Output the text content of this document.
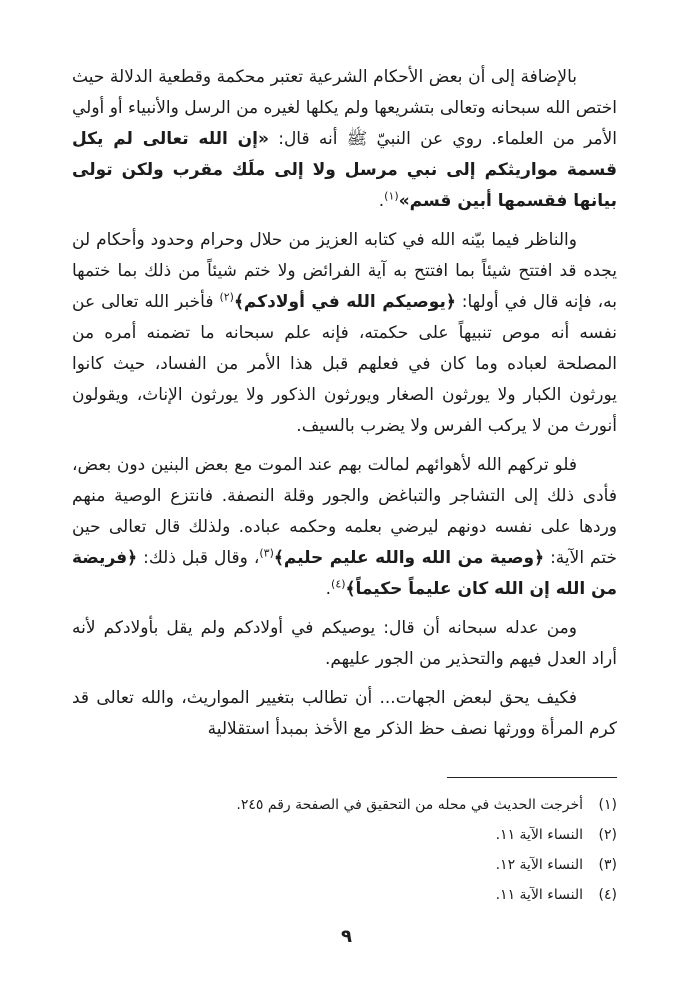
بالإضافة إلى أن بعض الأحكام الشرعية تعتبر محكمة وقطعية الدلالة حيث اختص الله سبحانه وتعالى بتشريعها ولم يكلها لغيره من الرسل والأنبياء أو أولي الأمر من العلماء. روي عن النبيّ ﷺ أنه قال: «إن الله تعالى لم يكل قسمة مواريثكم إلى نبي مرسل ولا إلى ملَك مقرب ولكن تولى بيانها فقسمها أبين قسم»$^{(١)}$.

والناظر فيما بيّنه الله في كتابه العزيز من حلال وحرام وحدود وأحكام لن يجده قد افتتح شيئاً بما افتتح به آية الفرائض ولا ختم شيئاً من ذلك بما ختمها به، فإنه قال في أولها: ﴿يوصيكم الله في أولادكم﴾$^{(٢)}$ فأخبر الله تعالى عن نفسه أنه موص تنبيهاً على حكمته، فإنه علم سبحانه ما تضمنه أمره من المصلحة لعباده وما كان في فعلهم قبل هذا الأمر من الفساد، حيث كانوا يورثون الكبار ولا يورثون الصغار ويورثون الذكور ولا يورثون الإناث، ويقولون أنورث من لا يركب الفرس ولا يضرب بالسيف.

فلو تركهم الله لأهوائهم لمالت بهم عند الموت مع بعض البنين دون بعض، فأدى ذلك إلى التشاجر والتباغض والجور وقلة النصفة. فانتزع الوصية منهم وردها على نفسه دونهم ليرضي بعلمه وحكمه عباده. ولذلك قال تعالى حين ختم الآية: ﴿وصية من الله والله عليم حليم﴾$^{(٣)}$، وقال قبل ذلك: ﴿فريضة من الله إن الله كان عليماً حكيماً﴾$^{(٤)}$.

ومن عدله سبحانه أن قال: يوصيكم في أولادكم ولم يقل بأولادكم لأنه أراد العدل فيهم والتحذير من الجور عليهم.

فكيف يحق لبعض الجهات... أن تطالب بتغيير المواريث، والله تعالى قد كرم المرأة وورثها نصف حظ الذكر مع الأخذ بمبدأ استقلالية

(١)أخرجت الحديث في محله من التحقيق في الصفحة رقم ٢٤٥.
(٢)النساء الآية ١١.
(٣)النساء الآية ١٢.
(٤)النساء الآية ١١.
٩
